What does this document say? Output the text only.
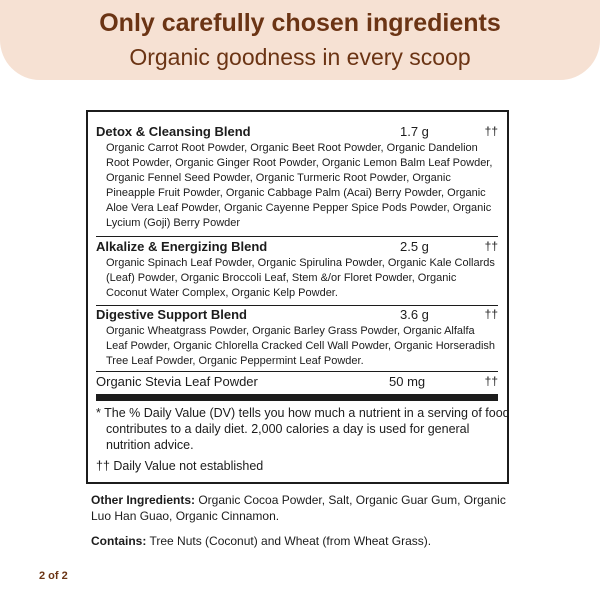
Only carefully chosen ingredients
Organic goodness in every scoop
Detox & Cleansing Blend	1.7 g	††
Organic Carrot Root Powder, Organic Beet Root Powder, Organic Dandelion Root Powder, Organic Ginger Root Powder, Organic Lemon Balm Leaf Powder, Organic Fennel Seed Powder, Organic Turmeric Root Powder, Organic Pineapple Fruit Powder, Organic Cabbage Palm (Acai) Berry Powder, Organic Aloe Vera Leaf Powder, Organic Cayenne Pepper Spice Pods Powder, Organic Lycium (Goji) Berry Powder
Alkalize & Energizing Blend	2.5 g	††
Organic Spinach Leaf Powder, Organic Spirulina Powder, Organic Kale Collards (Leaf) Powder, Organic Broccoli Leaf, Stem &/or Floret Powder, Organic Coconut Water Complex, Organic Kelp Powder.
Digestive Support Blend	3.6 g	††
Organic Wheatgrass Powder, Organic Barley Grass Powder, Organic Alfalfa Leaf Powder, Organic Chlorella Cracked Cell Wall Powder, Organic Horseradish Tree Leaf Powder, Organic Peppermint Leaf Powder.
Organic Stevia Leaf Powder	50 mg	††
* The % Daily Value (DV) tells you how much a nutrient in a serving of food contributes to a daily diet. 2,000 calories a day is used for general nutrition advice.
†† Daily Value not established
Other Ingredients: Organic Cocoa Powder, Salt, Organic Guar Gum, Organic Luo Han Guao, Organic Cinnamon.
Contains: Tree Nuts (Coconut) and Wheat (from Wheat Grass).
2 of 2
